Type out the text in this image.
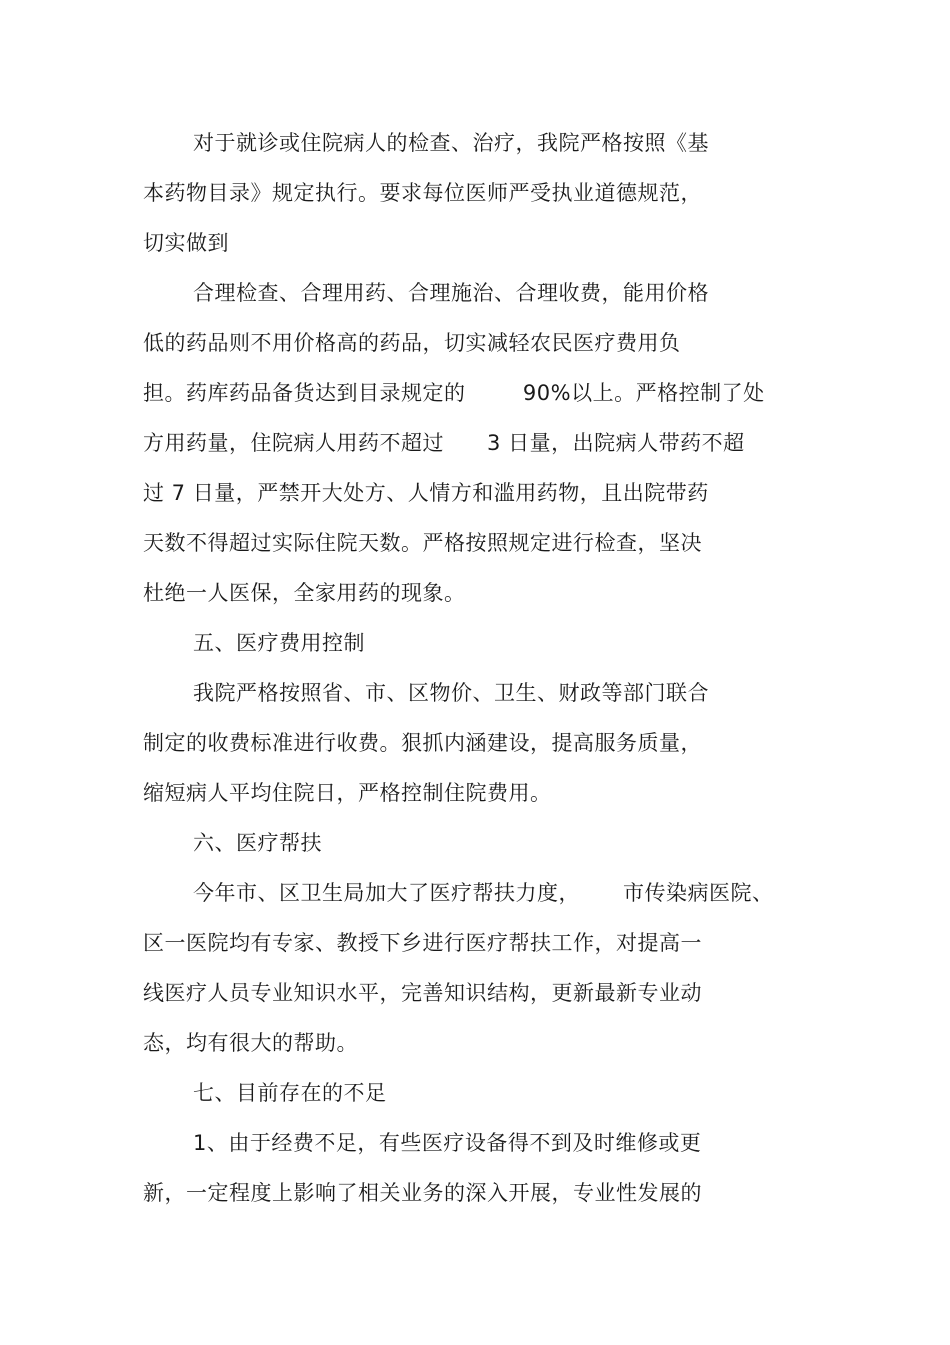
对于就诊或住院病人的检查、治疗，我院严格按照《基
本药物目录》规定执行。要求每位医师严受执业道德规范，
切实做到
合理检查、合理用药、合理施治、合理收费，能用价格
低的药品则不用价格高的药品，切实减轻农民医疗费用负
担。药库药品备货达到目录规定的        90%以上。严格控制了处
方用药量，住院病人用药不超过      3 日量，出院病人带药不超
过 7 日量，严禁开大处方、人情方和滥用药物，且出院带药
天数不得超过实际住院天数。严格按照规定进行检查，坚决
杜绝一人医保，全家用药的现象。
五、医疗费用控制
我院严格按照省、市、区物价、卫生、财政等部门联合
制定的收费标准进行收费。狠抓内涵建设，提高服务质量，
缩短病人平均住院日，严格控制住院费用。
六、医疗帮扶
今年市、区卫生局加大了医疗帮扶力度，      市传染病医院、
区一医院均有专家、教授下乡进行医疗帮扶工作，对提高一
线医疗人员专业知识水平，完善知识结构，更新最新专业动
态，均有很大的帮助。
七、目前存在的不足
1、由于经费不足，有些医疗设备得不到及时维修或更
新，一定程度上影响了相关业务的深入开展，专业性发展的
